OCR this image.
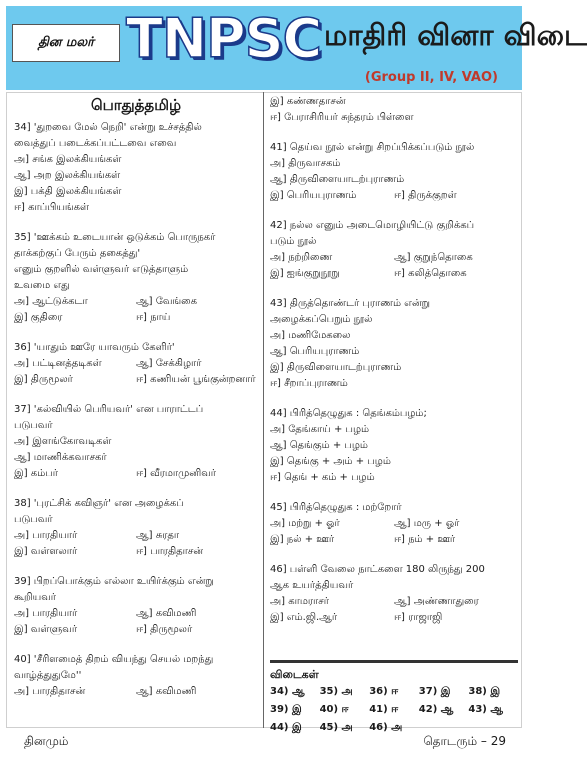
தின மலர் TNPSC மாதிரி வினா விடை
(Group II, IV, VAO)
பொதுத்தமிழ்

34] 'துறவை மேல் நெறி' என்று உச்சத்தில்

வைத்துப் படைக்கப்பட்டவை எவை

அ] சங்க இலக்கியங்கள்

ஆ] அற இலக்கியங்கள்

இ] பக்தி இலக்கியங்கள்

ஈ] காப்பியங்கள்

35] 'ஊக்கம் உடையான் ஒடுக்கம் பொருநகர்

தாக்கற்குப் பேரும் தகைத்து'

எனும் குறளில் வள்ளுவர் எடுத்தாளும்

உவமை எது

அ] ஆட்டுக்கடா	ஆ] வேங்கை
இ] குதிரை	ஈ] நாய்

36] 'யாதும் ஊரே யாவரும் கேளிர்'

அ] பட்டினத்தடிகள்	ஆ] சேக்கிழார்
இ] திருமூலர்	ஈ] கணியன் பூங்குன்றனார்

37] 'கல்வியில் பெரியவர்' என பாராட்டப்

படுபவர்

அ] இளங்கோவடிகள்

ஆ] மாணிக்கவாசகர்

இ] கம்பர்	ஈ] வீரமாமுனிவர்

38] 'புரட்சிக் கவிஞர்' என அழைக்கப்

படுபவர்

அ] பாரதியார்	ஆ] சுரதா
இ] வள்ளலார்	ஈ] பாரதிதாசன்

39] பிறப்பொக்கும் எல்லா உயிர்க்கும் என்று

கூறியவர்

அ] பாரதியார்	ஆ] கவிமணி
இ] வள்ளுவர்	ஈ] திருமூலர்

40] 'சீரிளமைத் திறம் வியந்து செயல் மறந்து

வாழ்த்துதுமே''

அ] பாரதிதாசன்	ஆ] கவிமணி

இ] கண்ணதாசன்

ஈ] பேராசிரியர் சுந்தரம் பிள்ளை

41] தெய்வ நூல் என்று சிறப்பிக்கப்படும் நூல்

அ] திருவாசகம்

ஆ] திருவிளையாடற்புராணம்

இ] பெரியபுராணம்	ஈ] திருக்குறள்

42] நல்ல எனும் அடைமொழியிட்டு குறிக்கப்

படும் நூல்

அ] நற்றிணை	ஆ] குறுந்தொகை
இ] ஐங்குறுநூறு	ஈ] கலித்தொகை

43] திருத்தொண்டர் புராணம் என்று

அழைக்கப்பெறும் நூல்

அ] மணிமேகலை

ஆ] பெரியபுராணம்

இ] திருவிளையாடற்புராணம்

ஈ] சீறாப்புராணம்

44] பிரித்தெழுதுக : தெங்கம்பழம்;

அ] தேங்காய் + பழம்

ஆ] தெங்கும் + பழம்

இ] தெங்கு + அம் + பழம்

ஈ] தெங் + கம் + பழம்

45] பிரித்தெழுதுக : மற்றோர்

அ] மற்று + ஓர்	ஆ] மரு + ஓர்
இ] நல் + ஊர்	ஈ] நம் + ஊர்

46] பள்ளி வேலை நாட்களை 180 லிருந்து 200

ஆக உயர்த்தியவர்

அ] காமராசர்	ஆ] அண்ணாதுரை
இ] எம்.ஜி.ஆர்	ஈ] ராஜாஜி
விடைகள்
34) ஆ	35) அ	36) ஈ	37) இ	38) இ
39) இ	40) ஈ	41) ஈ	42) ஆ	43) ஆ
44) இ	45) அ	46) அ
தினமும்	தொடரும் – 29
